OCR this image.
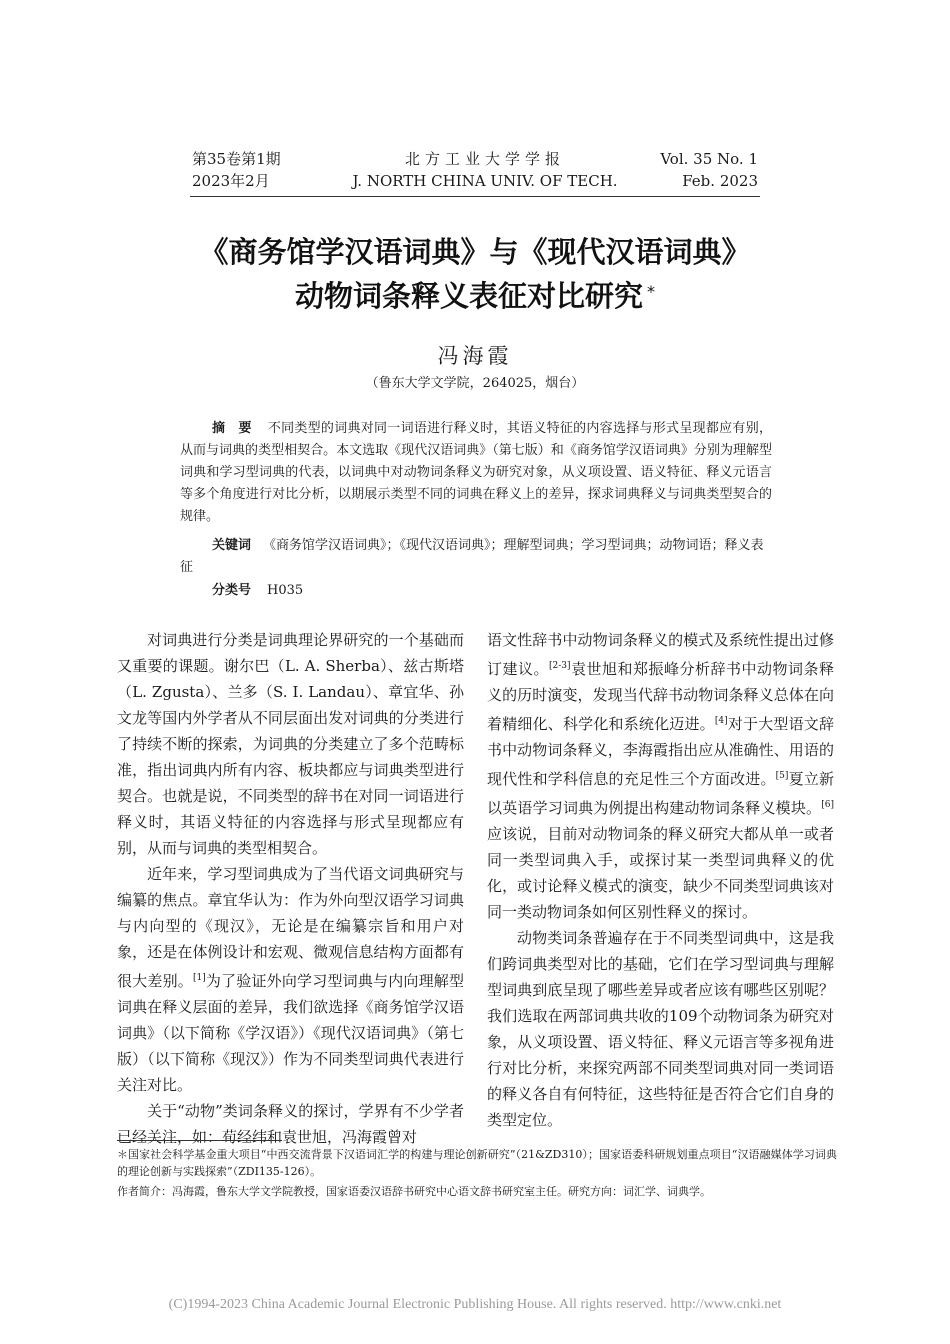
第35卷第1期
2023年2月
北方工业大学学报
J. NORTH CHINA UNIV. OF TECH.
Vol. 35 No. 1
Feb. 2023
《商务馆学汉语词典》与《现代汉语词典》
动物词条释义表征对比研究 *
冯海霞
（鲁东大学文学院，264025，烟台）
摘　要 不同类型的词典对同一词语进行释义时，其语义特征的内容选择与形式呈现都应有别，从而与词典的类型相契合。本文选取《现代汉语词典》（第七版）和《商务馆学汉语词典》分别为理解型词典和学习型词典的代表，以词典中对动物词条释义为研究对象，从义项设置、语义特征、释义元语言等多个角度进行对比分析，以期展示类型不同的词典在释义上的差异，探求词典释义与词典类型契合的规律。
关键词 《商务馆学汉语词典》；《现代汉语词典》；理解型词典；学习型词典；动物词语；释义表征
分类号 H035

对词典进行分类是词典理论界研究的一个基础而又重要的课题。谢尔巴（L. A. Sherba）、兹古斯塔（L. Zgusta）、兰多（S. I. Landau）、章宜华、孙文龙等国内外学者从不同层面出发对词典的分类进行了持续不断的探索，为词典的分类建立了多个范畴标准，指出词典内所有内容、板块都应与词典类型进行契合。也就是说，不同类型的辞书在对同一词语进行释义时，其语义特征的内容选择与形式呈现都应有别，从而与词典的类型相契合。

近年来，学习型词典成为了当代语文词典研究与编纂的焦点。章宜华认为：作为外向型汉语学习词典与内向型的《现汉》，无论是在编纂宗旨和用户对象，还是在体例设计和宏观、微观信息结构方面都有很大差别。[1]为了验证外向学习型词典与内向理解型词典在释义层面的差异，我们欲选择《商务馆学汉语词典》（以下简称《学汉语》）《现代汉语词典》（第七版）（以下简称《现汉》）作为不同类型词典代表进行关注对比。

关于“动物”类词条释义的探讨，学界有不少学者已经关注，如：荀经纬和袁世旭，冯海霞曾对

语文性辞书中动物词条释义的模式及系统性提出过修订建议。[2-3]袁世旭和郑振峰分析辞书中动物词条释义的历时演变，发现当代辞书动物词条释义总体在向着精细化、科学化和系统化迈进。[4]对于大型语文辞书中动物词条释义，李海霞指出应从准确性、用语的现代性和学科信息的充足性三个方面改进。[5]夏立新以英语学习词典为例提出构建动物词条释义模块。[6]应该说，目前对动物词条的释义研究大都从单一或者同一类型词典入手，或探讨某一类型词典释义的优化，或讨论释义模式的演变，缺少不同类型词典该对同一类动物词条如何区别性释义的探讨。

动物类词条普遍存在于不同类型词典中，这是我们跨词典类型对比的基础，它们在学习型词典与理解型词典到底呈现了哪些差异或者应该有哪些区别呢？我们选取在两部词典共收的109个动物词条为研究对象，从义项设置、语义特征、释义元语言等多视角进行对比分析，来探究两部不同类型词典对同一类词语的释义各自有何特征，这些特征是否符合它们自身的类型定位。

＊国家社会科学基金重大项目“中西交流背景下汉语词汇学的构建与理论创新研究”（21&ZD310）；国家语委科研规划重点项目“汉语融媒体学习词典的理论创新与实践探索”（ZDI135-126）。
作者简介：冯海霞，鲁东大学文学院教授，国家语委汉语辞书研究中心语文辞书研究室主任。研究方向：词汇学、词典学。
(C)1994-2023 China Academic Journal Electronic Publishing House. All rights reserved. http://www.cnki.net
